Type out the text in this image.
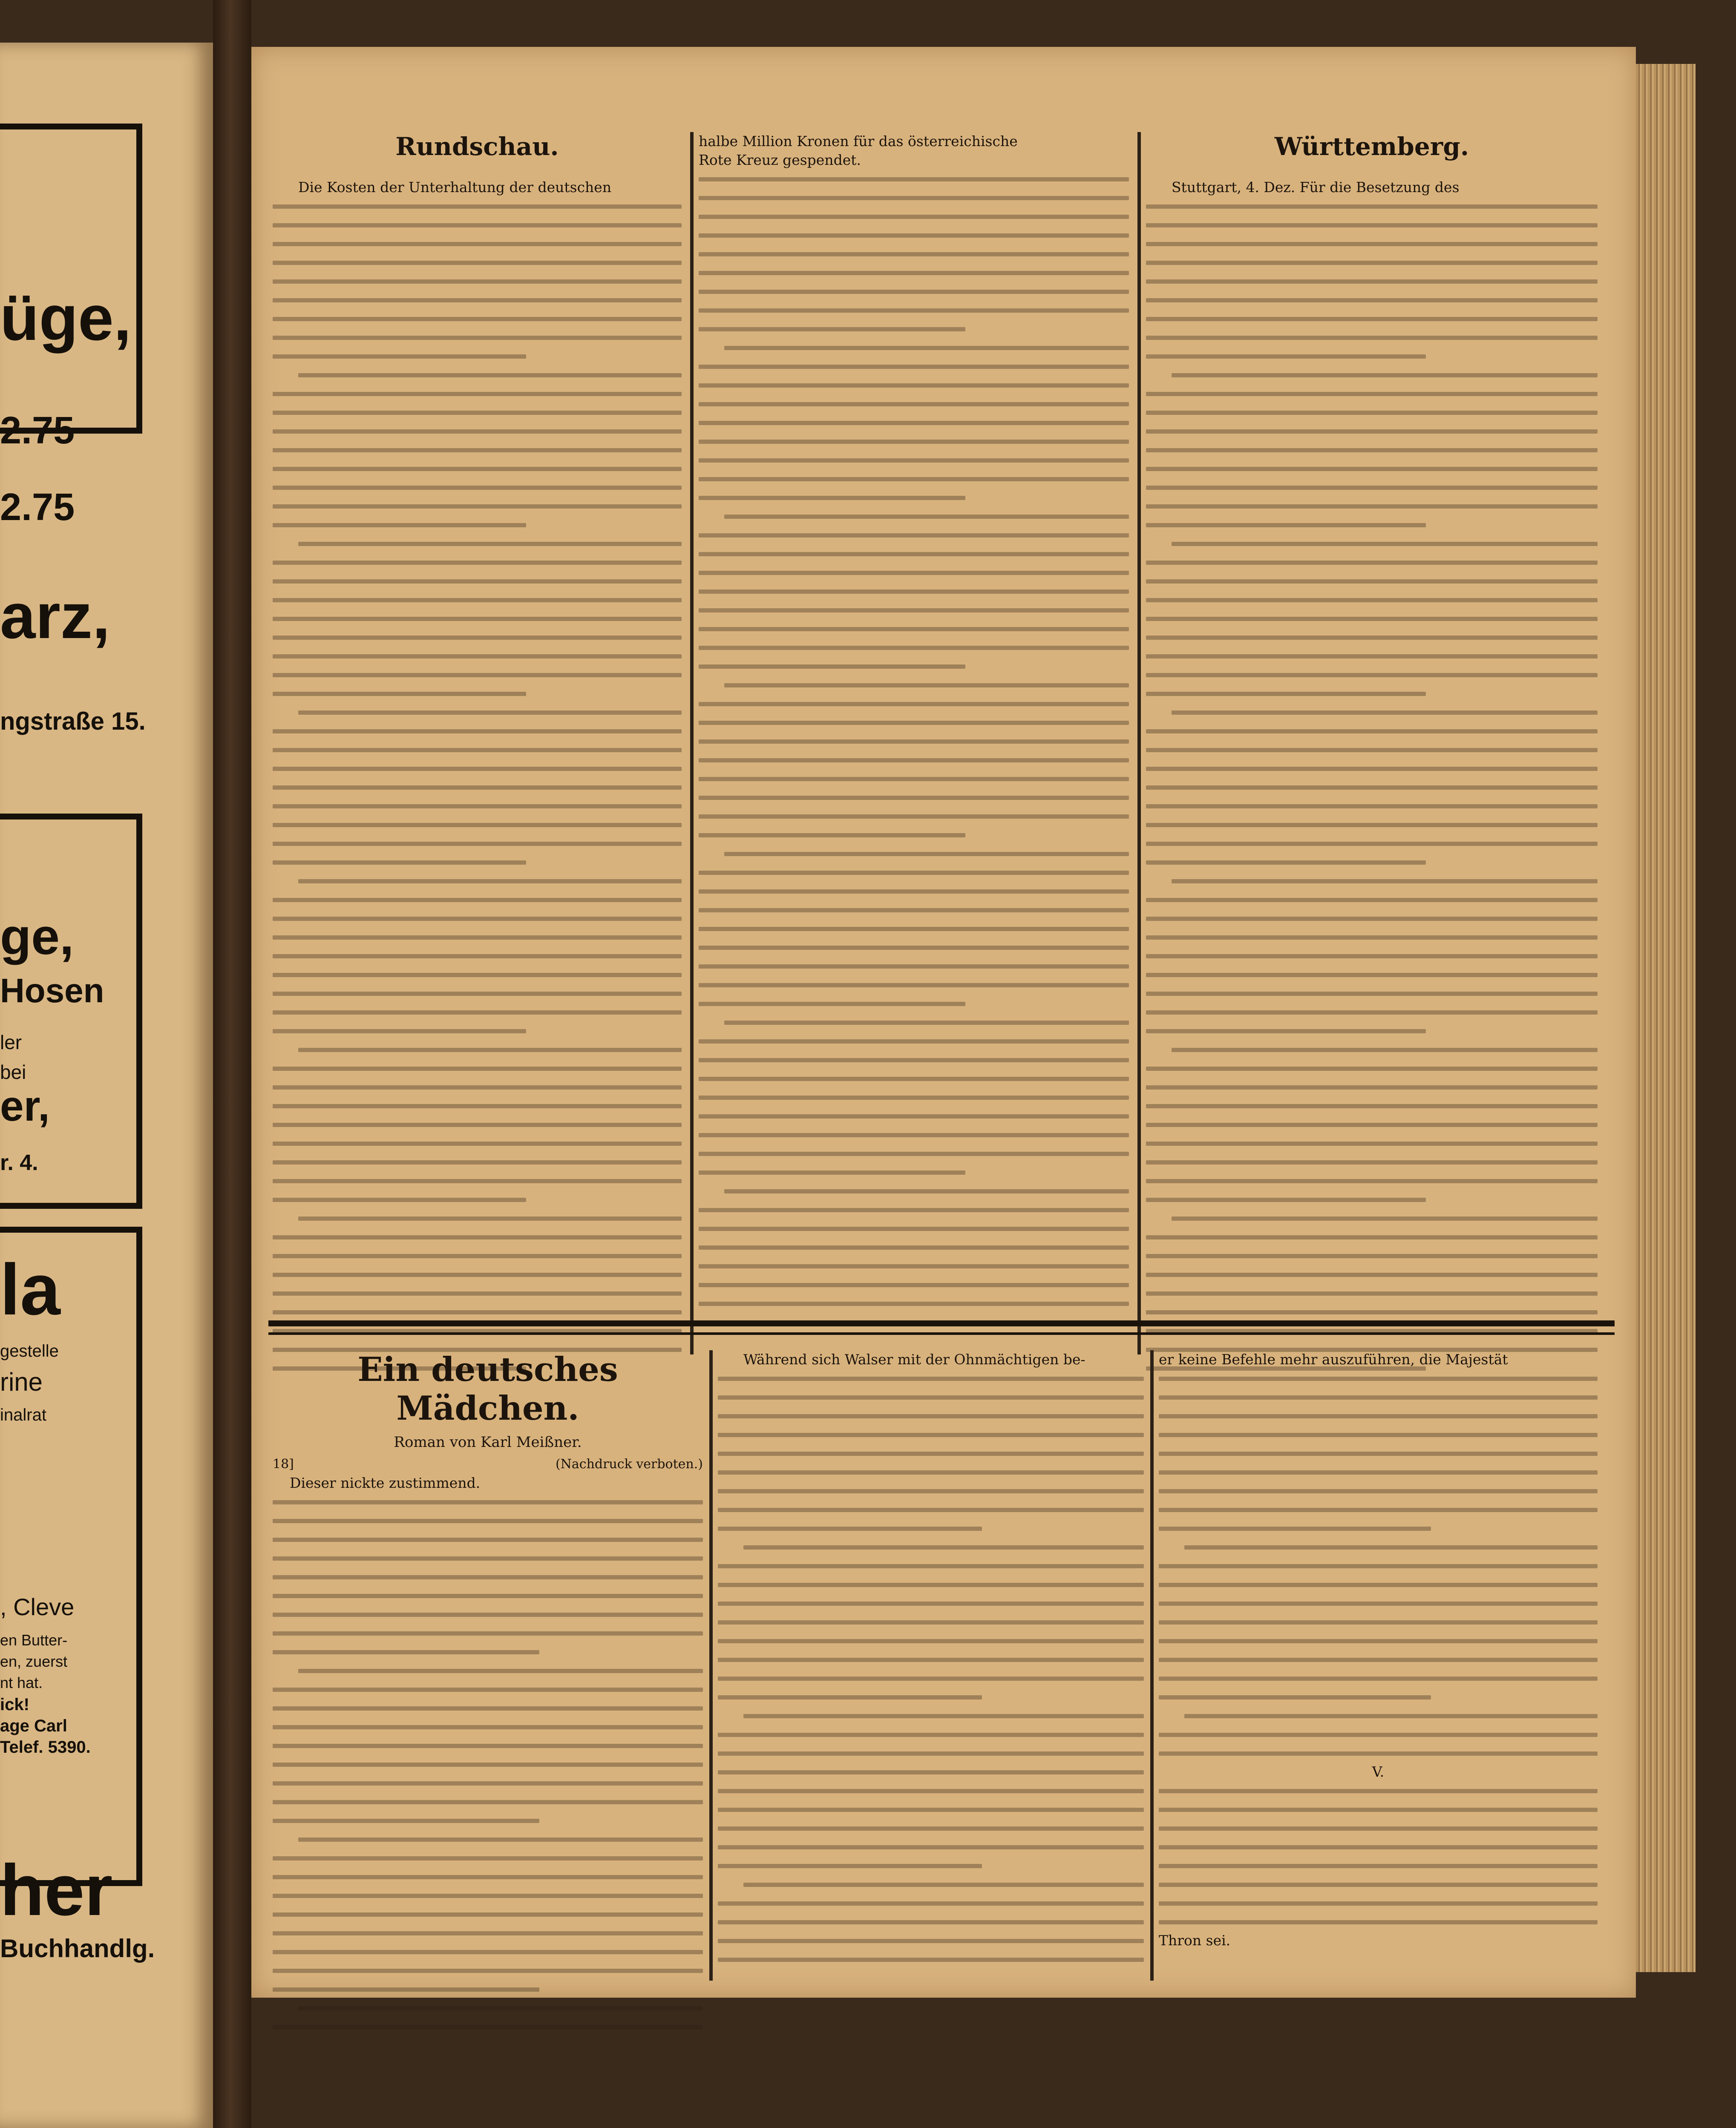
üge,
2.75
2.75
arz,
ngstraße 15.
ge,
Hosen
ler
bei
er,
r. 4.
la
gestelle
rine
inalrat
, Cleve
en Butter-
en, zuerst
nt hat.
ick!
age Carl
Telef. 5390.
her
Buchhandlg.
Rundschau.
Die Kosten der Unterhaltung der deutschen
halbe Million Kronen für das österreichische
Rote Kreuz gespendet.	Württemberg.
Stuttgart, 4. Dez. Für die Besetzung des
Ein deutsches Mädchen.
Roman von Karl Meißner.
18]	(Nachdruck verboten.)
Dieser nickte zustimmend.
Während sich Walser mit der Ohnmächtigen be-	er keine Befehle mehr auszuführen, die Majestät
V.
Thron sei.
